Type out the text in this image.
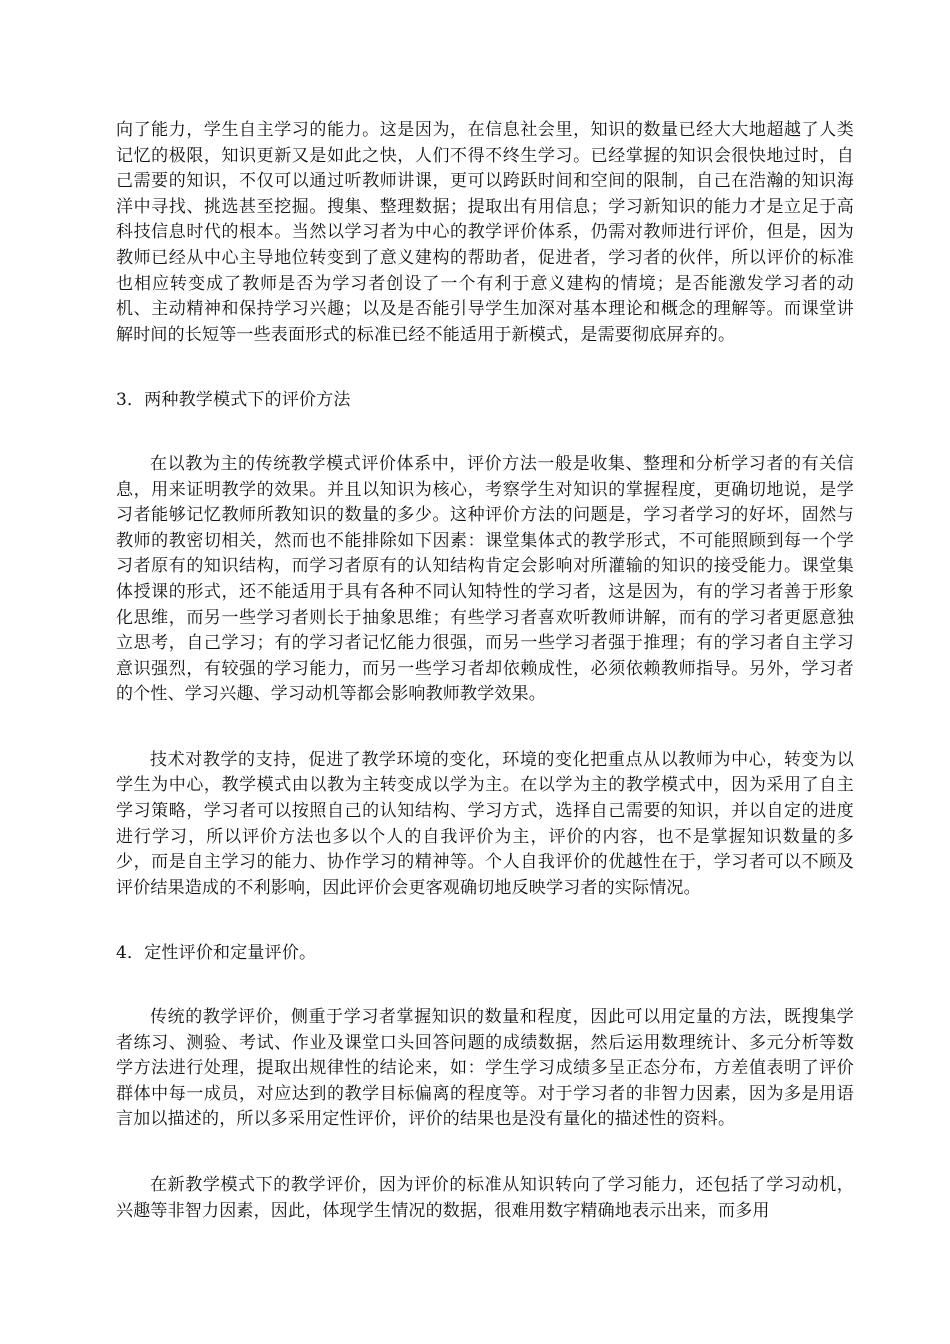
向了能力，学生自主学习的能力。这是因为，在信息社会里，知识的数量已经大大地超越了人类记忆的极限，知识更新又是如此之快，人们不得不终生学习。已经掌握的知识会很快地过时，自己需要的知识，不仅可以通过听教师讲课，更可以跨跃时间和空间的限制，自己在浩瀚的知识海洋中寻找、挑选甚至挖掘。搜集、整理数据；提取出有用信息；学习新知识的能力才是立足于高科技信息时代的根本。当然以学习者为中心的教学评价体系，仍需对教师进行评价，但是，因为教师已经从中心主导地位转变到了意义建构的帮助者，促进者，学习者的伙伴，所以评价的标准也相应转变成了教师是否为学习者创设了一个有利于意义建构的情境；是否能激发学习者的动机、主动精神和保持学习兴趣；以及是否能引导学生加深对基本理论和概念的理解等。而课堂讲解时间的长短等一些表面形式的标准已经不能适用于新模式，是需要彻底屏弃的。

3．两种教学模式下的评价方法

在以教为主的传统教学模式评价体系中，评价方法一般是收集、整理和分析学习者的有关信息，用来证明教学的效果。并且以知识为核心，考察学生对知识的掌握程度，更确切地说，是学习者能够记忆教师所教知识的数量的多少。这种评价方法的问题是，学习者学习的好坏，固然与教师的教密切相关，然而也不能排除如下因素：课堂集体式的教学形式，不可能照顾到每一个学习者原有的知识结构，而学习者原有的认知结构肯定会影响对所灌输的知识的接受能力。课堂集体授课的形式，还不能适用于具有各种不同认知特性的学习者，这是因为，有的学习者善于形象化思维，而另一些学习者则长于抽象思维；有些学习者喜欢听教师讲解，而有的学习者更愿意独立思考，自己学习；有的学习者记忆能力很强，而另一些学习者强于推理；有的学习者自主学习意识强烈，有较强的学习能力，而另一些学习者却依赖成性，必须依赖教师指导。另外，学习者的个性、学习兴趣、学习动机等都会影响教师教学效果。

技术对教学的支持，促进了教学环境的变化，环境的变化把重点从以教师为中心，转变为以学生为中心，教学模式由以教为主转变成以学为主。在以学为主的教学模式中，因为采用了自主学习策略，学习者可以按照自己的认知结构、学习方式，选择自己需要的知识，并以自定的进度进行学习，所以评价方法也多以个人的自我评价为主，评价的内容，也不是掌握知识数量的多少，而是自主学习的能力、协作学习的精神等。个人自我评价的优越性在于，学习者可以不顾及评价结果造成的不利影响，因此评价会更客观确切地反映学习者的实际情况。

4．定性评价和定量评价。

传统的教学评价，侧重于学习者掌握知识的数量和程度，因此可以用定量的方法，既搜集学者练习、测验、考试、作业及课堂口头回答问题的成绩数据，然后运用数理统计、多元分析等数学方法进行处理，提取出规律性的结论来，如：学生学习成绩多呈正态分布，方差值表明了评价群体中每一成员，对应达到的教学目标偏离的程度等。对于学习者的非智力因素，因为多是用语言加以描述的，所以多采用定性评价，评价的结果也是没有量化的描述性的资料。

在新教学模式下的教学评价，因为评价的标准从知识转向了学习能力，还包括了学习动机，兴趣等非智力因素，因此，体现学生情况的数据，很难用数字精确地表示出来，而多用
